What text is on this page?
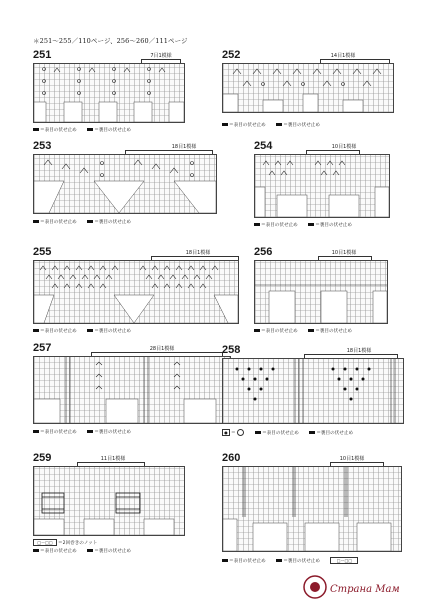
＊251〜255／110ページ、256〜260／111ページ
251	7目1模様
＝表目の伏せ止め	＝裏目の伏せ止め
252	14目1模様
＝表目の伏せ止め	＝裏目の伏せ止め
253	18目1模様
＝表目の伏せ止め	＝裏目の伏せ止め
254	10目1模様
＝表目の伏せ止め	＝裏目の伏せ止め
255	18目1模様
＝表目の伏せ止め	＝裏目の伏せ止め
256	10目1模様
＝表目の伏せ止め	＝裏目の伏せ止め
257	28目1模様
＝表目の伏せ止め	＝裏目の伏せ止め
258	18目1模様
● ＝	＝表目の伏せ止め	＝裏目の伏せ止め
259	11目1模様
□ー□□ ＝2回巻きのノット
＝表目の伏せ止め	＝裏目の伏せ止め
260	10目1模様
＝表目の伏せ止め	＝裏目の伏せ止め	□ー□□
Страна Мам
